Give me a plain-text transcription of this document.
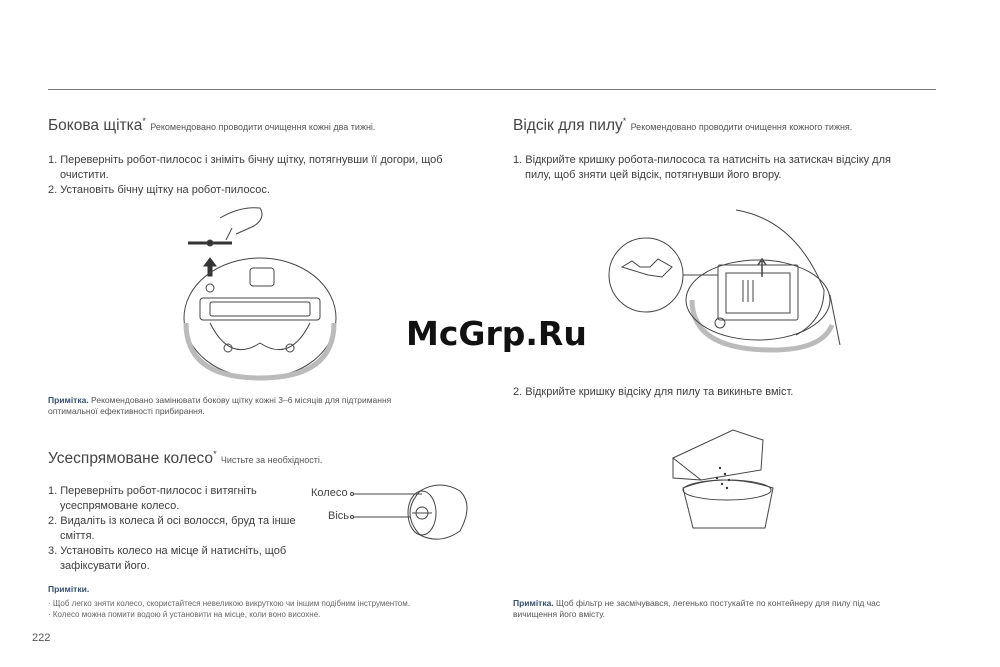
Бокова щітка* Рекомендовано проводити очищення кожні два тижні.
1. Переверніть робот-пилосос і зніміть бічну щітку, потягнувши її догори, щоб
очистити.
2. Установіть бічну щітку на робот-пилосос.
Примітка. Рекомендовано замінювати бокову щітку кожні 3–6 місяців для підтримання
оптимальної ефективності прибирання.
Усеспрямоване колесо* Чистьте за необхідності.
1. Переверніть робот-пилосос і витягніть
усеспрямоване колесо.
2. Видаліть із колеса й осі волосся, бруд та інше
сміття.
3. Установіть колесо на місце й натисніть, щоб
зафіксувати його.
Колесо
Вісь
Примітки.
· Щоб легко зняти колесо, скористайтеся невеликою викруткою чи іншим подібним інструментом.
· Колесо можна помити водою й установити на місце, коли воно висохне.
222
Відсік для пилу* Рекомендовано проводити очищення кожного тижня.
1. Відкрийте кришку робота-пилососа та натисніть на затискач відсіку для
пилу, щоб зняти цей відсік, потягнувши його вгору.
2. Відкрийте кришку відсіку для пилу та викиньте вміст.
Примітка. Щоб фільтр не засмічувався, легенько постукайте по контейнеру для пилу під час
вичищення його вмісту.
McGrp.Ru
